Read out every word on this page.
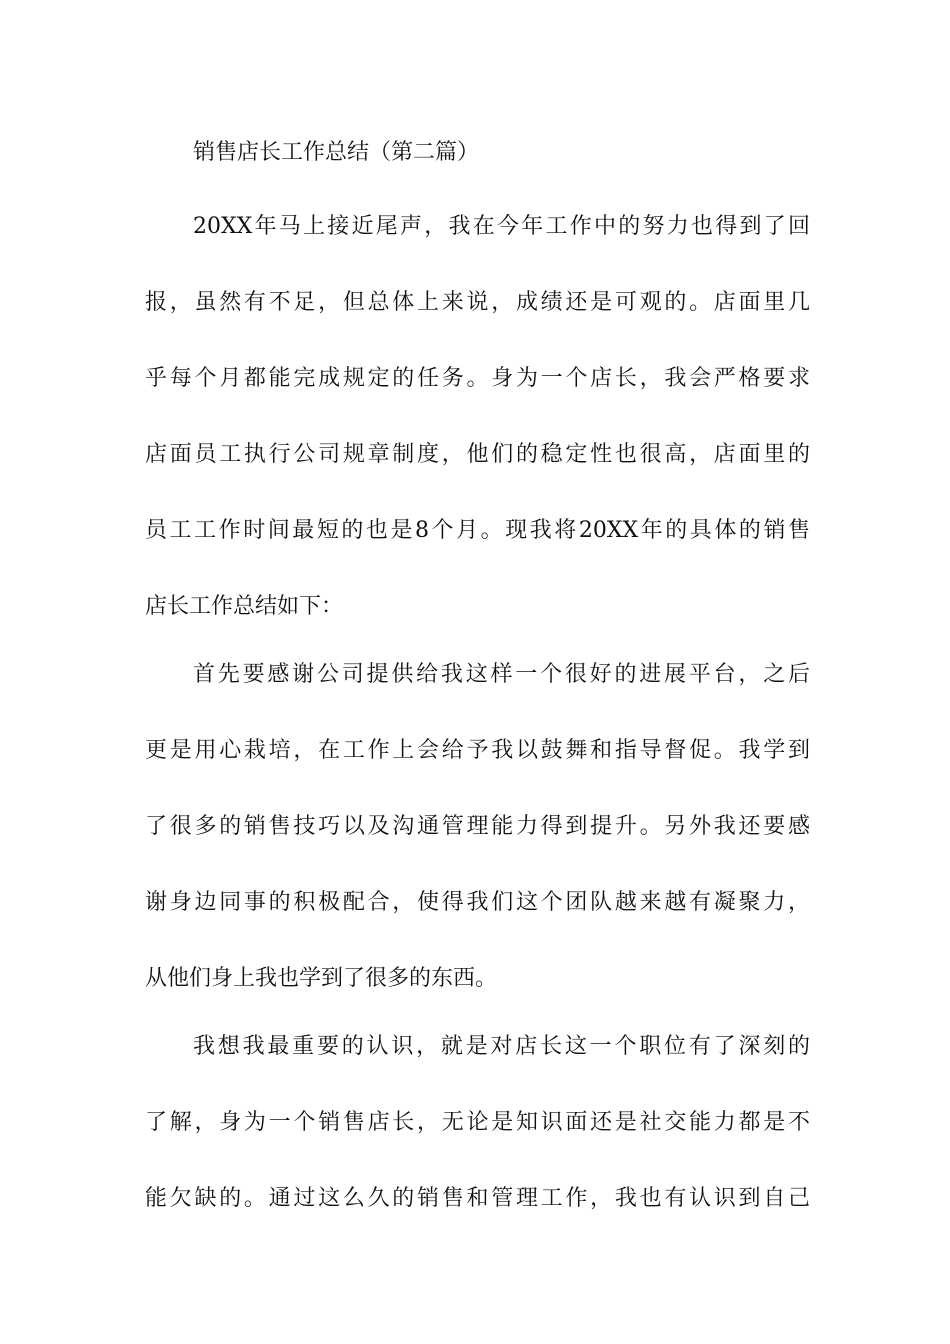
销售店长工作总结（第二篇）
20XX年马上接近尾声，我在今年工作中的努力也得到了回
报，虽然有不足，但总体上来说，成绩还是可观的。店面里几
乎每个月都能完成规定的任务。身为一个店长，我会严格要求
店面员工执行公司规章制度，他们的稳定性也很高，店面里的
员工工作时间最短的也是8个月。现我将20XX年的具体的销售
店长工作总结如下：
首先要感谢公司提供给我这样一个很好的进展平台，之后
更是用心栽培，在工作上会给予我以鼓舞和指导督促。我学到
了很多的销售技巧以及沟通管理能力得到提升。另外我还要感
谢身边同事的积极配合，使得我们这个团队越来越有凝聚力，
从他们身上我也学到了很多的东西。
我想我最重要的认识，就是对店长这一个职位有了深刻的
了解，身为一个销售店长，无论是知识面还是社交能力都是不
能欠缺的。通过这么久的销售和管理工作，我也有认识到自己
